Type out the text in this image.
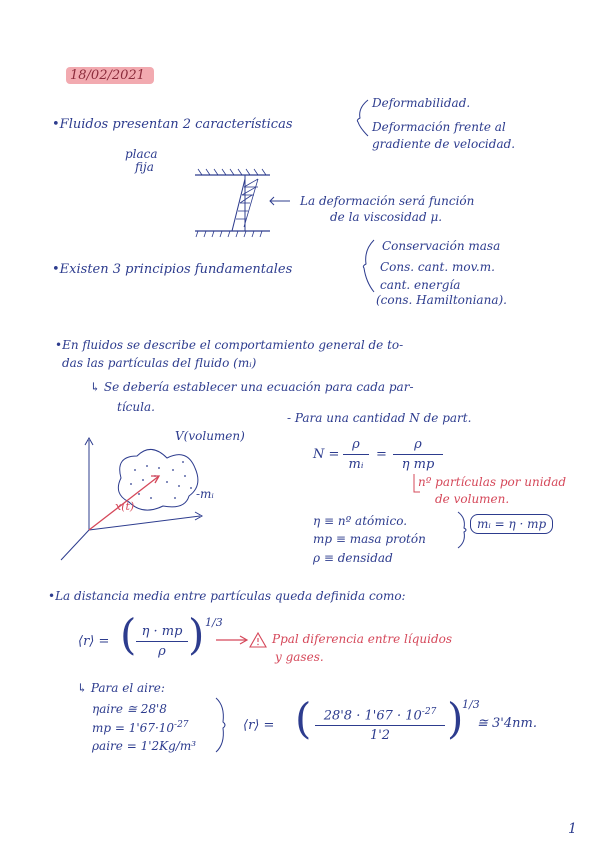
18/02/2021
•Fluidos presentan 2 características
Deformabilidad.
Deformación frente al
gradiente de velocidad.
placa
fija
La deformación será función
de la viscosidad μ.
•Existen 3 principios fundamentales
Conservación masa
Cons. cant. mov.m.
cant. energía
(cons. Hamiltoniana).
•En fluidos se describe el comportamiento general de to-
das las partículas del fluido (mᵢ)
↳ Se debería establecer una ecuación para cada par-
tícula.
- Para una cantidad N de part.
V(volumen)
-mᵢ
x(t)
$N = \frac{\rho}{\text{mᵢ}} = \frac{\rho}{\text{η mp}}$
nº partículas por unidad
de volumen.
η ≡ nº atómico.
mp ≡ masa protón
ρ ≡ densidad
mᵢ = η · mp
•La distancia media entre partículas queda definida como:
⟨r⟩ = ( $\frac{\eta \cdot mp}{\rho}$ ) 1/3
Ppal diferencia entre líquidos
y gases.
↳ Para el aire:
ηaire ≅ 28'8
mp = $1'67\cdot 10^{-27}$
ρaire = 1'2Kg/m³
⟨r⟩ = ( $\frac{28'8 \cdot 1'67 \cdot 10^{-27}}{1'2}$ )
1/3
≅ 3'4nm.
1
